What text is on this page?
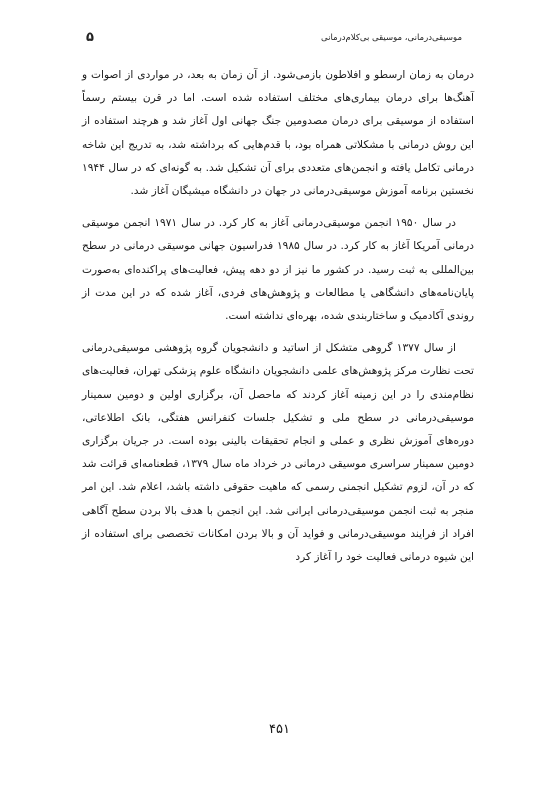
موسیقی‌درمانی، موسیقی بی‌کلام‌درمانی
۵

درمان به زمان ارسطو و افلاطون بازمی‌شود. از آن زمان به بعد، در مواردی از اصوات و آهنگ‌ها برای درمان بیماری‌های مختلف استفاده شده است. اما در قرن بیستم رسماً استفاده از موسیقی برای درمان مصدومین جنگ جهانی اول آغاز شد و هرچند استفاده از این روش درمانی با مشکلاتی همراه بود، با قدم‌هایی که برداشته شد، به تدریج این شاخه درمانی تکامل یافته و انجمن‌های متعددی برای آن تشکیل شد. به گونه‌ای که در سال ۱۹۴۴ نخستین برنامه آموزش موسیقی‌درمانی در جهان در دانشگاه میشیگان آغاز شد.

در سال ۱۹۵۰ انجمن موسیقی‌درمانی آغاز به کار کرد. در سال ۱۹۷۱ انجمن موسیقی درمانی آمریکا آغاز به کار کرد. در سال ۱۹۸۵ فدراسیون جهانی موسیقی درمانی در سطح بین‌المللی به ثبت رسید. در کشور ما نیز از دو دهه پیش، فعالیت‌های پراکنده‌ای به‌صورت پایان‌نامه‌های دانشگاهی یا مطالعات و پژوهش‌های فردی، آغاز شده که در این مدت از روندی آکادمیک و ساختاربندی شده، بهره‌ای نداشته است.

از سال ۱۳۷۷ گروهی متشکل از اساتید و دانشجویان گروه پژوهشی موسیقی‌درمانی تحت نظارت مرکز پژوهش‌های علمی دانشجویان دانشگاه علوم پزشکی تهران، فعالیت‌های نظام‌مندی را در این زمینه آغاز کردند که ماحصل آن، برگزاری اولین و دومین سمینار موسیقی‌درمانی در سطح ملی و تشکیل جلسات کنفرانس هفتگی، بانک اطلاعاتی، دوره‌های آموزش نظری و عملی و انجام تحقیقات بالینی بوده است. در جریان برگزاری دومین سمینار سراسری موسیقی درمانی در خرداد ماه سال ۱۳۷۹، قطعنامه‌ای قرائت شد که در آن، لزوم تشکیل انجمنی رسمی که ماهیت حقوقی داشته باشد، اعلام شد. این امر منجر به ثبت انجمن موسیقی‌درمانی ایرانی شد. این انجمن با هدف بالا بردن سطح آگاهی افراد از فرایند موسیقی‌درمانی و فواید آن و بالا بردن امکانات تخصصی برای استفاده از این شیوه درمانی فعالیت خود را آغاز کرد

۴۵۱
